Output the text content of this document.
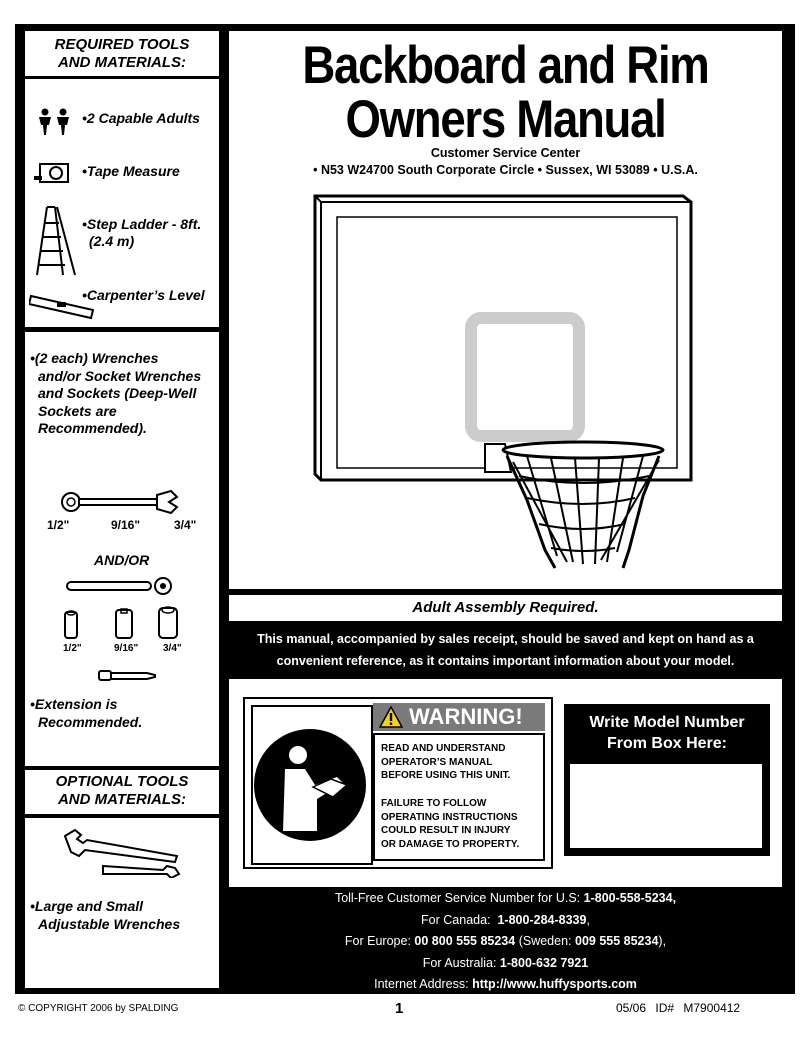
REQUIRED TOOLS
AND MATERIALS:
•2 Capable Adults
•Tape Measure
•Step Ladder - 8ft.
(2.4 m)
•Carpenter’s Level
•(2 each) Wrenches
and/or Socket Wrenches
and Sockets (Deep-Well
Sockets are
Recommended).
1/2"	9/16"	3/4"
AND/OR
1/2"	9/16" 3/4"
•Extension is
Recommended.
OPTIONAL TOOLS
AND MATERIALS:
•Large and Small
Adjustable Wrenches
Backboard and Rim
Owners Manual
Customer Service Center
• N53 W24700 South Corporate Circle • Sussex, WI 53089 • U.S.A.
Adult Assembly Required.
This manual, accompanied by sales receipt, should be saved and kept on hand as a
convenient reference, as it contains important information about your model.
WARNING!
READ AND UNDERSTAND
OPERATOR’S MANUAL
BEFORE USING THIS UNIT.
FAILURE TO FOLLOW
OPERATING INSTRUCTIONS
COULD RESULT IN INJURY
OR DAMAGE TO PROPERTY.
Write Model Number
From Box Here:
Toll-Free Customer Service Number for U.S: 1-800-558-5234,
For Canada: 1-800-284-8339,
For Europe: 00 800 555 85234 (Sweden: 009 555 85234),
For Australia: 1-800-632 7921
Internet Address: http://www.huffysports.com
© COPYRIGHT 2006 by SPALDING	1	05/06 ID# M7900412
